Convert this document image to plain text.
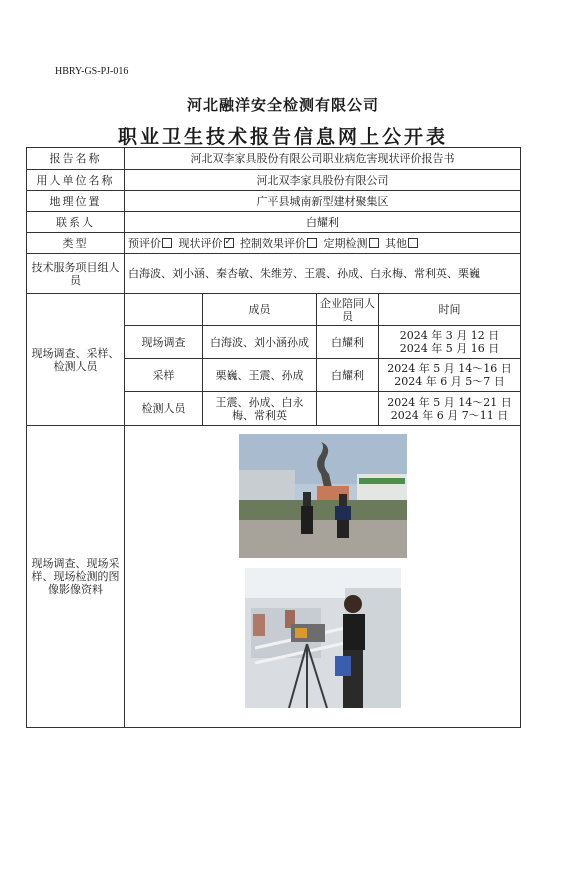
HBRY-GS-PJ-016
河北融洋安全检测有限公司
职业卫生技术报告信息网上公开表
报告名称	河北双李家具股份有限公司职业病危害现状评价报告书			
用人单位名称	河北双李家具股份有限公司			
地理位置	广平县城南新型建材聚集区			
联系人	白耀利			
类型	预评价 现状评价 ✓ 控制效果评价 定期检测 其他
技术服务项目组人员	白海波、刘小涵、秦杏敏、朱维芳、王震、孙成、白永梅、常利英、栗巍			
现场调查、采样、检测人员		成员	企业陪同人员	时间
	现场调查	白海波、刘小涵孙成	白耀利	2024 年 3 月 12 日
2024 年 5 月 16 日

	采样	栗巍、王震、孙成	白耀利	2024 年 5 月 14～16 日
2024 年 6 月 5～7 日

	检测人员	王震、孙成、白永梅、常利英		2024 年 5 月 14～21 日
2024 年 6 月 7～11 日

现场调查、现场采样、现场检测的图像影像资料	
